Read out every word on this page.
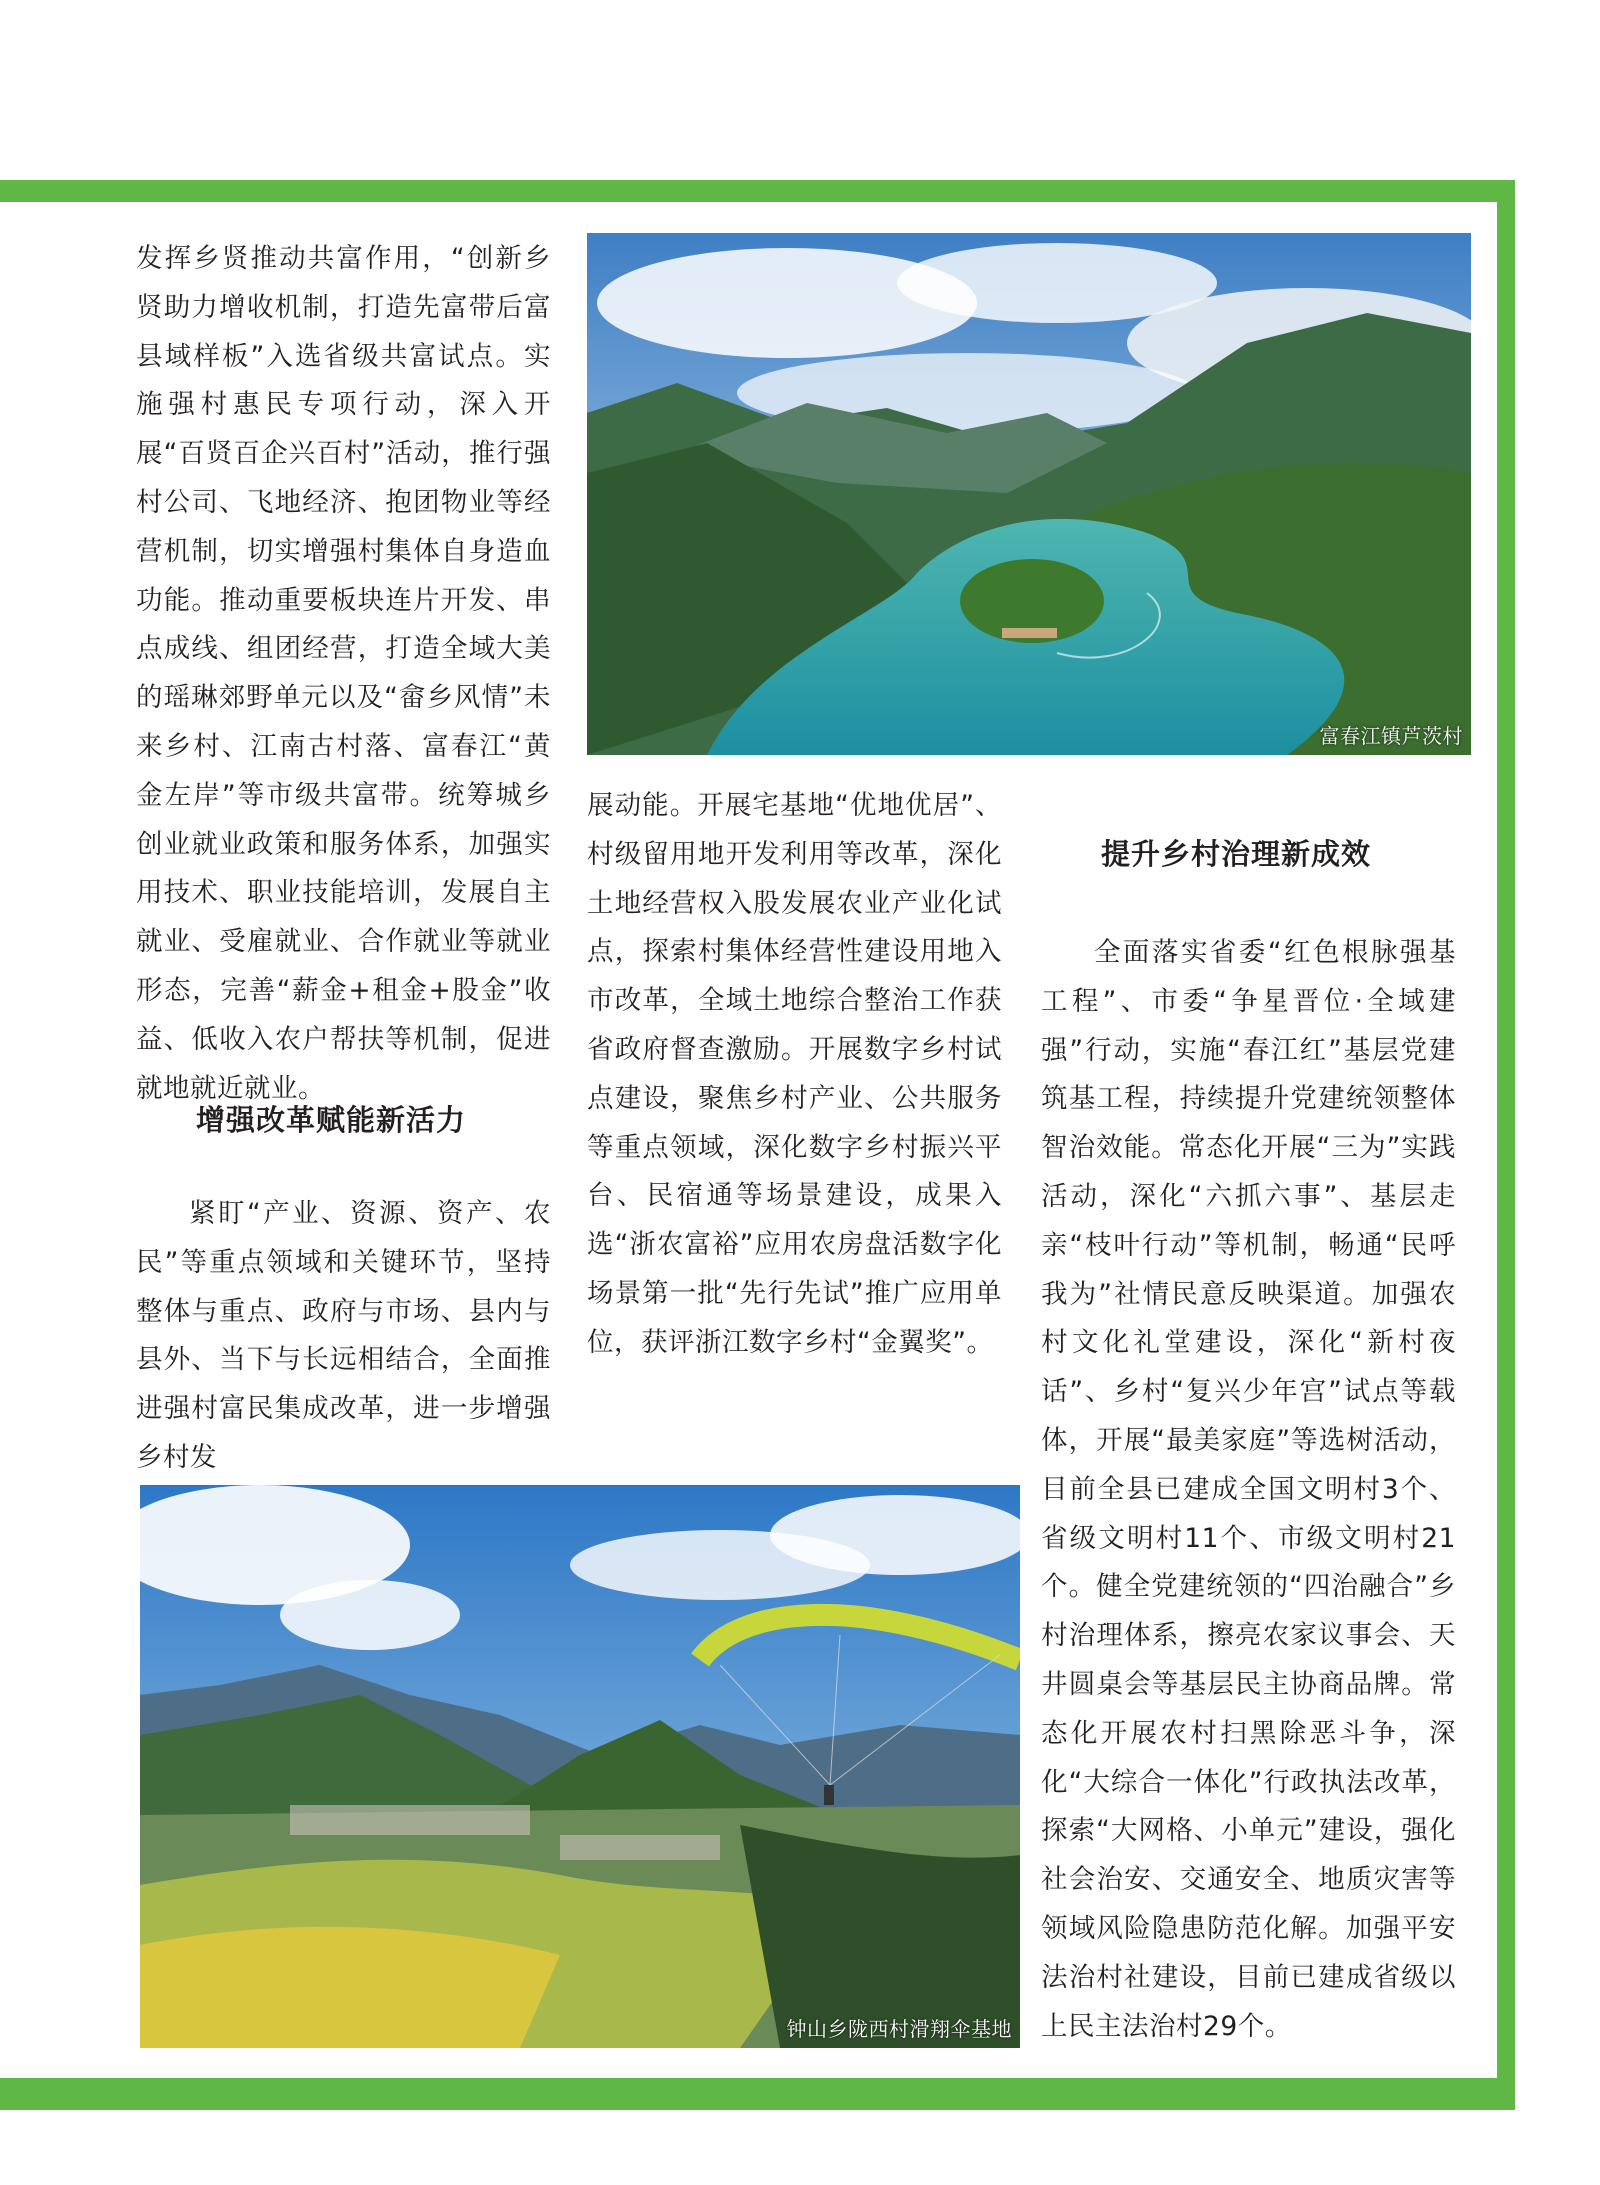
发挥乡贤推动共富作用，“创新乡贤助力增收机制，打造先富带后富县域样板”入选省级共富试点。实施强村惠民专项行动，深入开展“百贤百企兴百村”活动，推行强村公司、飞地经济、抱团物业等经营机制，切实增强村集体自身造血功能。推动重要板块连片开发、串点成线、组团经营，打造全域大美的瑶琳郊野单元以及“畲乡风情”未来乡村、江南古村落、富春江“黄金左岸”等市级共富带。统筹城乡创业就业政策和服务体系，加强实用技术、职业技能培训，发展自主就业、受雇就业、合作就业等就业形态，完善“薪金+租金+股金”收益、低收入农户帮扶等机制，促进就地就近就业。

增强改革赋能新活力

紧盯“产业、资源、资产、农民”等重点领域和关键环节，坚持整体与重点、政府与市场、县内与县外、当下与长远相结合，全面推进强村富民集成改革，进一步增强乡村发

富春江镇芦茨村

展动能。开展宅基地“优地优居”、村级留用地开发利用等改革，深化土地经营权入股发展农业产业化试点，探索村集体经营性建设用地入市改革，全域土地综合整治工作获省政府督查激励。开展数字乡村试点建设，聚焦乡村产业、公共服务等重点领域，深化数字乡村振兴平台、民宿通等场景建设，成果入选“浙农富裕”应用农房盘活数字化场景第一批“先行先试”推广应用单位，获评浙江数字乡村“金翼奖”。

提升乡村治理新成效

全面落实省委“红色根脉强基工程”、市委“争星晋位·全域建强”行动，实施“春江红”基层党建筑基工程，持续提升党建统领整体智治效能。常态化开展“三为”实践活动，深化“六抓六事”、基层走亲“枝叶行动”等机制，畅通“民呼我为”社情民意反映渠道。加强农村文化礼堂建设，深化“新村夜话”、乡村“复兴少年宫”试点等载体，开展“最美家庭”等选树活动，目前全县已建成全国文明村3个、省级文明村11个、市级文明村21个。健全党建统领的“四治融合”乡村治理体系，擦亮农家议事会、天井圆桌会等基层民主协商品牌。常态化开展农村扫黑除恶斗争，深化“大综合一体化”行政执法改革，探索“大网格、小单元”建设，强化社会治安、交通安全、地质灾害等领域风险隐患防范化解。加强平安法治村社建设，目前已建成省级以上民主法治村29个。

钟山乡陇西村滑翔伞基地
